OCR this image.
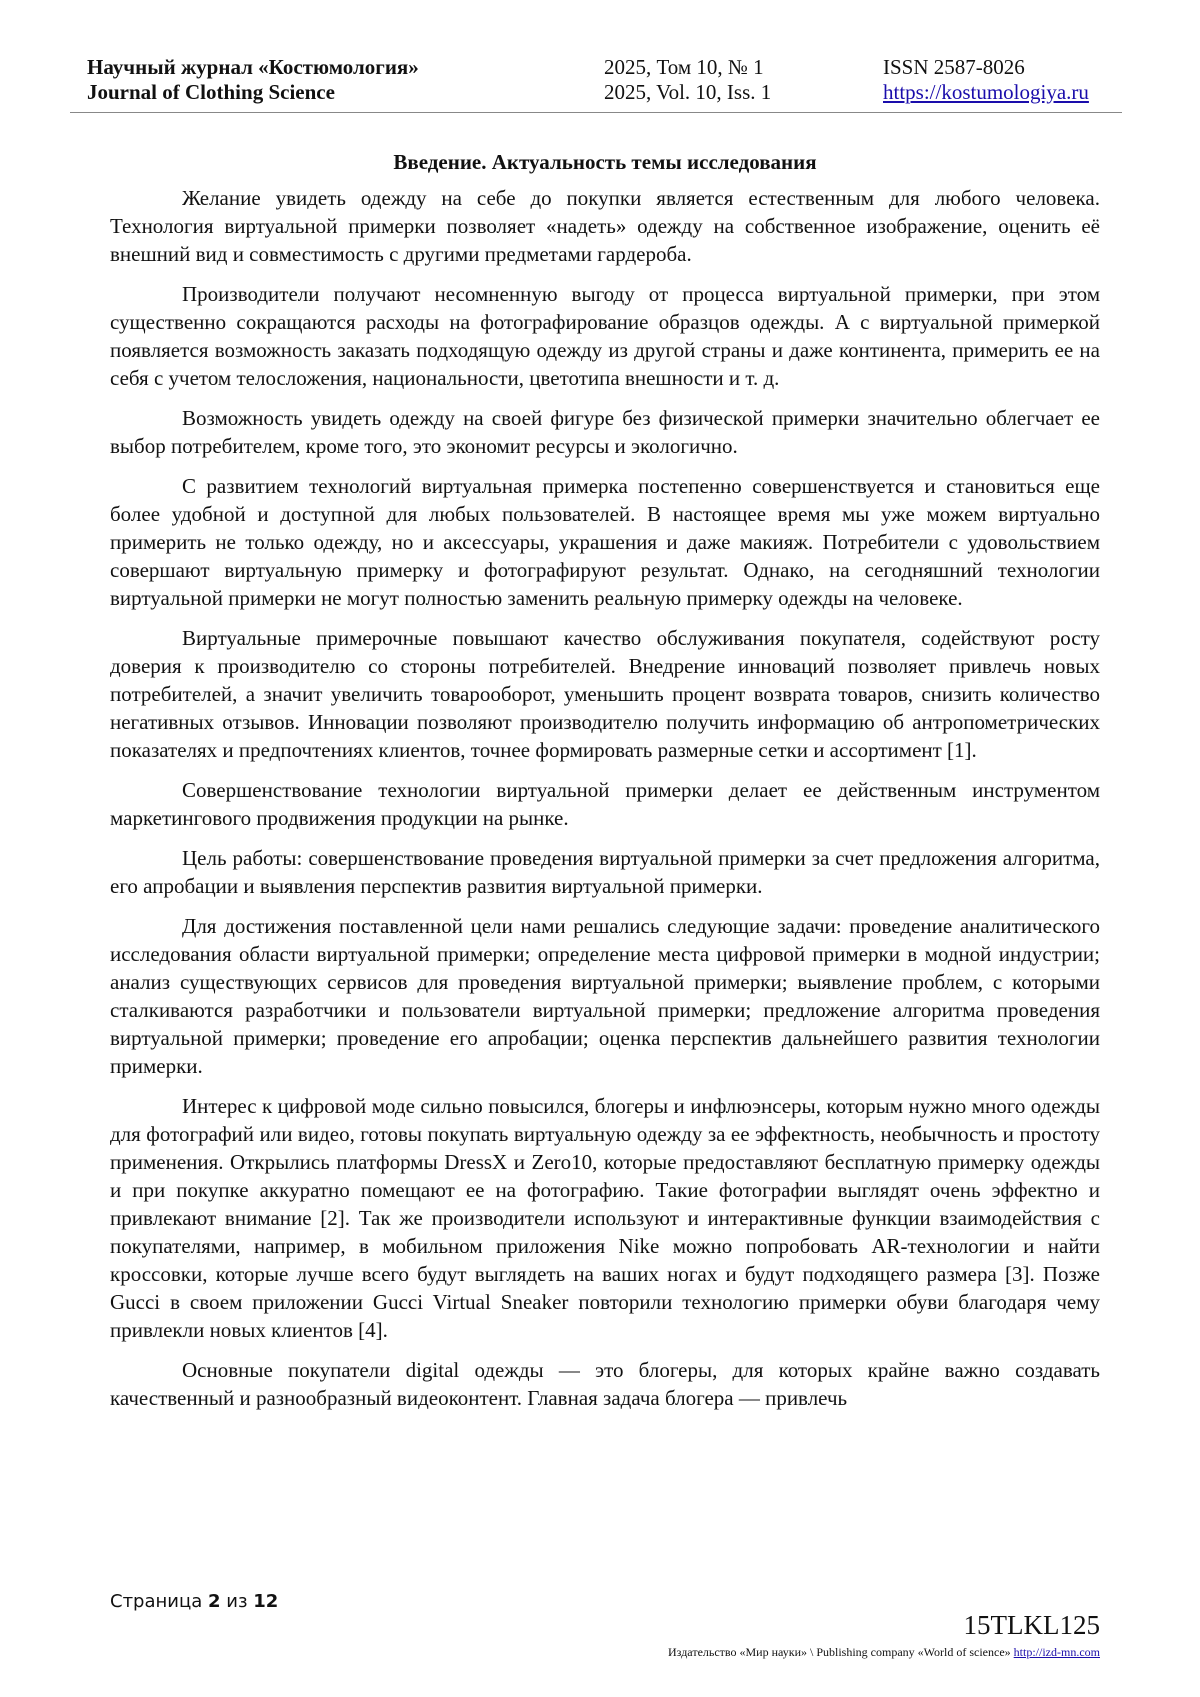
Научный журнал «Костюмология»
Journal of Clothing Science
2025, Том 10, № 1
2025, Vol. 10, Iss. 1
ISSN 2587-8026
https://kostumologiya.ru

Введение. Актуальность темы исследования

Желание увидеть одежду на себе до покупки является естественным для любого человека. Технология виртуальной примерки позволяет «надеть» одежду на собственное изображение, оценить её внешний вид и совместимость с другими предметами гардероба.

Производители получают несомненную выгоду от процесса виртуальной примерки, при этом существенно сокращаются расходы на фотографирование образцов одежды. А с виртуальной примеркой появляется возможность заказать подходящую одежду из другой страны и даже континента, примерить ее на себя с учетом телосложения, национальности, цветотипа внешности и т. д.

Возможность увидеть одежду на своей фигуре без физической примерки значительно облегчает ее выбор потребителем, кроме того, это экономит ресурсы и экологично.

С развитием технологий виртуальная примерка постепенно совершенствуется и становиться еще более удобной и доступной для любых пользователей. В настоящее время мы уже можем виртуально примерить не только одежду, но и аксессуары, украшения и даже макияж. Потребители с удовольствием совершают виртуальную примерку и фотографируют результат. Однако, на сегодняшний технологии виртуальной примерки не могут полностью заменить реальную примерку одежды на человеке.

Виртуальные примерочные повышают качество обслуживания покупателя, содействуют росту доверия к производителю со стороны потребителей. Внедрение инноваций позволяет привлечь новых потребителей, а значит увеличить товарооборот, уменьшить процент возврата товаров, снизить количество негативных отзывов. Инновации позволяют производителю получить информацию об антропометрических показателях и предпочтениях клиентов, точнее формировать размерные сетки и ассортимент [1].

Совершенствование технологии виртуальной примерки делает ее действенным инструментом маркетингового продвижения продукции на рынке.

Цель работы: совершенствование проведения виртуальной примерки за счет предложения алгоритма, его апробации и выявления перспектив развития виртуальной примерки.

Для достижения поставленной цели нами решались следующие задачи: проведение аналитического исследования области виртуальной примерки; определение места цифровой примерки в модной индустрии; анализ существующих сервисов для проведения виртуальной примерки; выявление проблем, с которыми сталкиваются разработчики и пользователи виртуальной примерки; предложение алгоритма проведения виртуальной примерки; проведение его апробации; оценка перспектив дальнейшего развития технологии примерки.

Интерес к цифровой моде сильно повысился, блогеры и инфлюэнсеры, которым нужно много одежды для фотографий или видео, готовы покупать виртуальную одежду за ее эффектность, необычность и простоту применения. Открылись платформы DressX и Zero10, которые предоставляют бесплатную примерку одежды и при покупке аккуратно помещают ее на фотографию. Такие фотографии выглядят очень эффектно и привлекают внимание [2]. Так же производители используют и интерактивные функции взаимодействия с покупателями, например, в мобильном приложения Nike можно попробовать AR-технологии и найти кроссовки, которые лучше всего будут выглядеть на ваших ногах и будут подходящего размера [3]. Позже Gucci в своем приложении Gucci Virtual Sneaker повторили технологию примерки обуви благодаря чему привлекли новых клиентов [4].

Основные покупатели digital одежды — это блогеры, для которых крайне важно создавать качественный и разнообразный видеоконтент. Главная задача блогера — привлечь

Страница 2 из 12
15TLKL125
Издательство «Мир науки» \ Publishing company «World of science» http://izd-mn.com
